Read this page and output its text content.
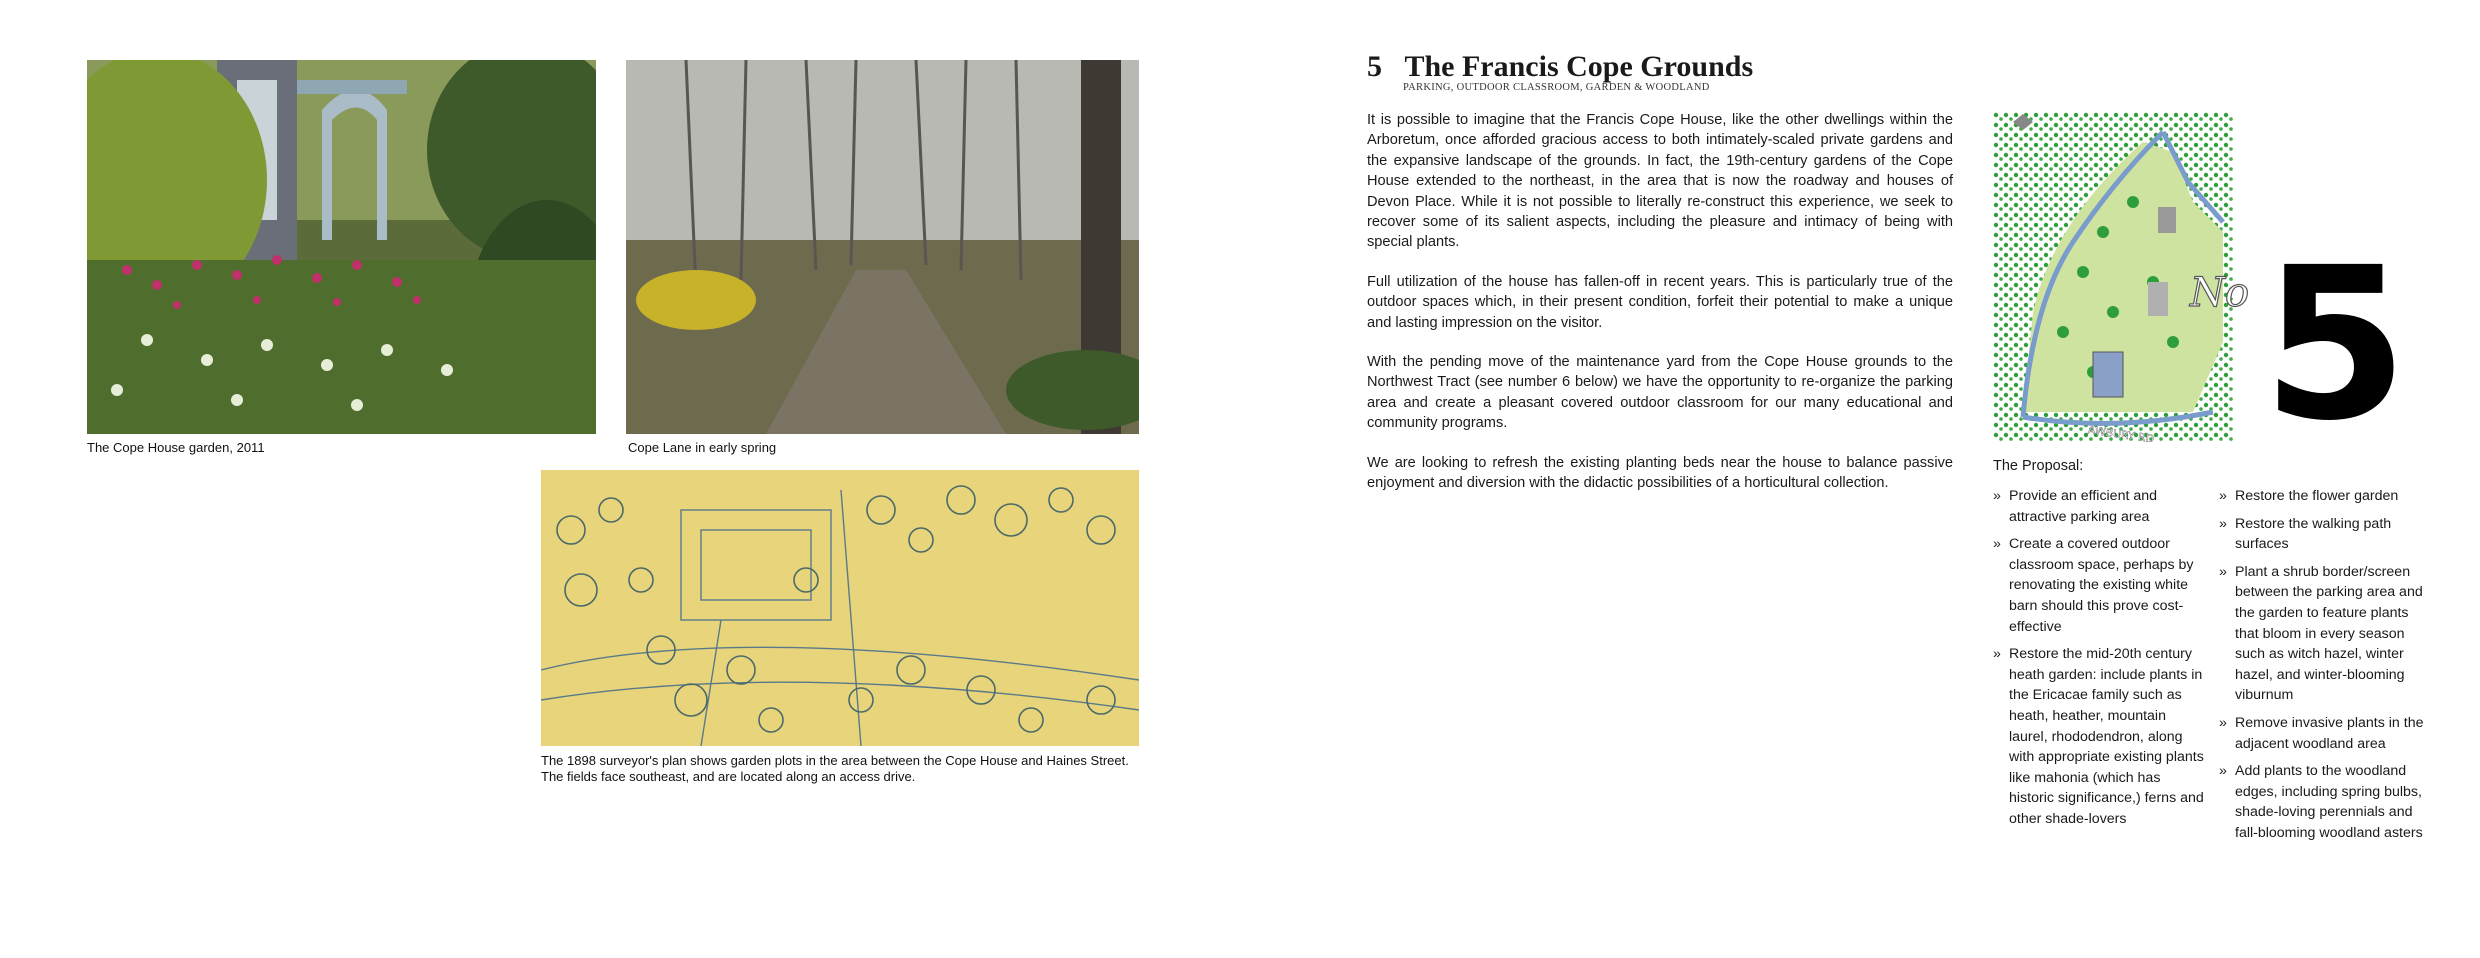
The Cope House garden, 2011	Cope Lane in early spring
The 1898 surveyor's plan shows garden plots in the area between the Cope House and Haines Street.
The fields face southeast, and are located along an access drive.
5 The Francis Cope Grounds
PARKING, OUTDOOR CLASSROOM, GARDEN & WOODLAND

It is possible to imagine that the Francis Cope House, like the other dwellings within the Arboretum, once afforded gracious access to both intimately-scaled private gardens and the expansive landscape of the grounds. In fact, the 19th-century gardens of the Cope House extended to the northeast, in the area that is now the roadway and houses of Devon Place. While it is not possible to literally re-construct this experience, we seek to recover some of its salient aspects, including the pleasure and intimacy of being with special plants.

Full utilization of the house has fallen-off in recent years. This is particularly true of the outdoor spaces which, in their present condition, forfeit their potential to make a unique and lasting impression on the visitor.

With the pending move of the maintenance yard from the Cope House grounds to the Northwest Tract (see number 6 below) we have the opportunity to re-organize the parking area and create a pleasant covered outdoor classroom for our many educational and community programs.

We are looking to refresh the existing planting beds near the house to balance passive enjoyment and diversion with the didactic possibilities of a horticultural collection.

AWBURY RD
No 5
The Proposal:
» Provide an efficient and attractive parking area
» Create a covered outdoor classroom space, perhaps by renovating the existing white barn should this prove cost-effective
» Restore the mid-20th century heath garden: include plants in the Ericacae family such as heath, heather, mountain laurel, rhododendron, along with appropriate existing plants like mahonia (which has historic significance,) ferns and other shade-lovers
» Restore the flower garden
» Restore the walking path surfaces
» Plant a shrub border/screen between the parking area and the garden to feature plants that bloom in every season such as witch hazel, winter hazel, and winter-blooming viburnum
» Remove invasive plants in the adjacent woodland area
» Add plants to the woodland edges, including spring bulbs, shade-loving perennials and fall-blooming woodland asters
